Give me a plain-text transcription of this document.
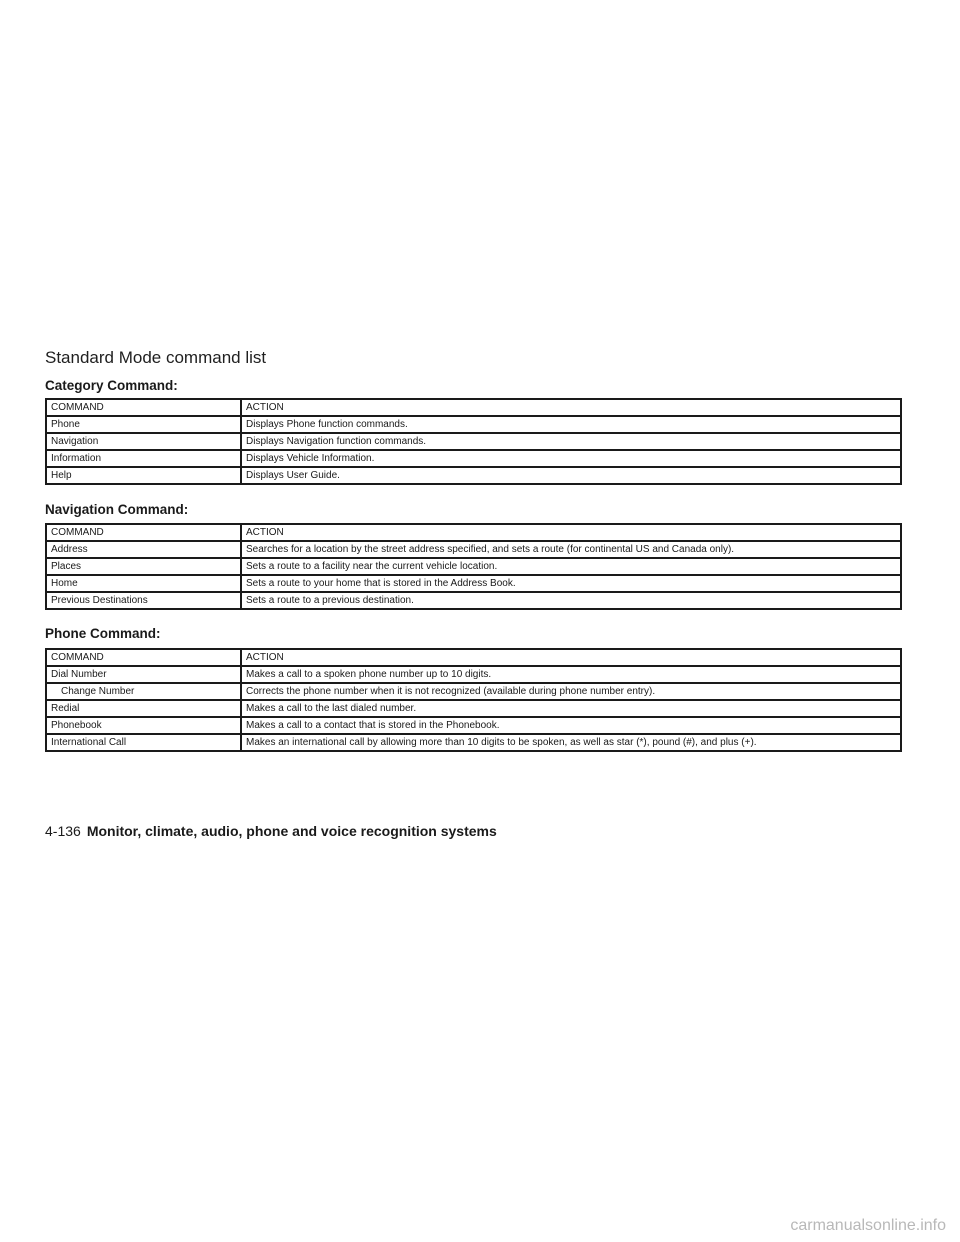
Standard Mode command list
Category Command:
COMMAND	ACTION
Phone	Displays Phone function commands.
Navigation	Displays Navigation function commands.
Information	Displays Vehicle Information.
Help	Displays User Guide.
Navigation Command:
COMMAND	ACTION
Address	Searches for a location by the street address specified, and sets a route (for continental US and Canada only).
Places	Sets a route to a facility near the current vehicle location.
Home	Sets a route to your home that is stored in the Address Book.
Previous Destinations	Sets a route to a previous destination.
Phone Command:
COMMAND	ACTION
Dial Number	Makes a call to a spoken phone number up to 10 digits.
Change Number	Corrects the phone number when it is not recognized (available during phone number entry).
Redial	Makes a call to the last dialed number.
Phonebook	Makes a call to a contact that is stored in the Phonebook.
International Call	Makes an international call by allowing more than 10 digits to be spoken, as well as star (*), pound (#), and plus (+).
4-136 Monitor, climate, audio, phone and voice recognition systems
carmanualsonline.info
